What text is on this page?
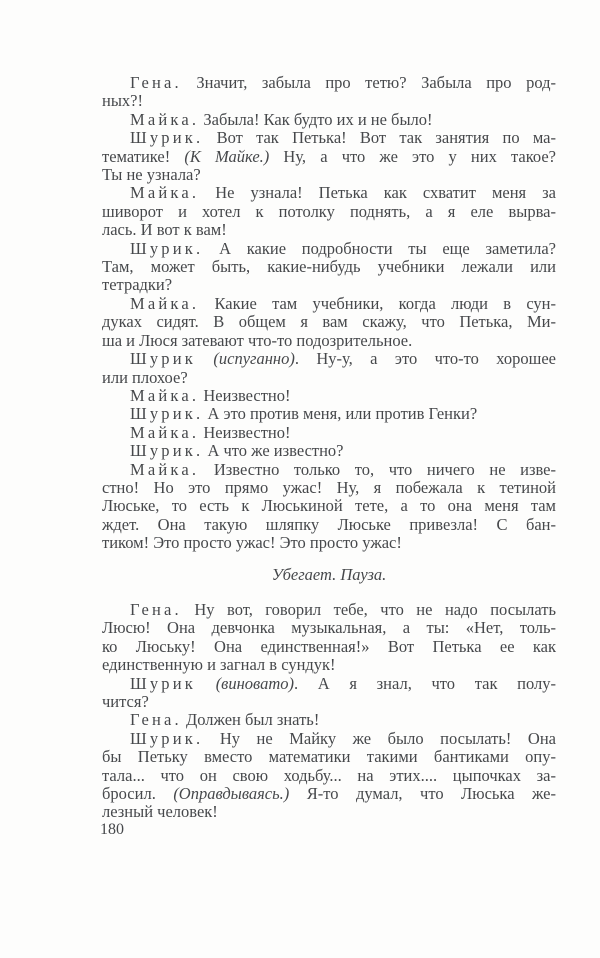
Гена. Значит, забыла про тетю? Забыла про род-
ных?!
Майка. Забыла! Как будто их и не было!
Шурик. Вот так Петька! Вот так занятия по ма-
тематике! (К Майке.) Ну, а что же это у них такое?
Ты не узнала?
Майка. Не узнала! Петька как схватит меня за
шиворот и хотел к потолку поднять, а я еле вырва-
лась. И вот к вам!
Шурик. А какие подробности ты еще заметила?
Там, может быть, какие-нибудь учебники лежали или
тетрадки?
Майка. Какие там учебники, когда люди в сун-
дуках сидят. В общем я вам скажу, что Петька, Ми-
ша и Люся затевают что-то подозрительное.
Шурик (испуганно). Ну-у, а это что-то хорошее
или плохое?
Майка. Неизвестно!
Шурик. А это против меня, или против Генки?
Майка. Неизвестно!
Шурик. А что же известно?
Майка. Известно только то, что ничего не изве-
стно! Но это прямо ужас! Ну, я побежала к тетиной
Люське, то есть к Люськиной тете, а то она меня там
ждет. Она такую шляпку Люське привезла! С бан-
тиком! Это просто ужас! Это просто ужас!
Убегает. Пауза.
Гена. Ну вот, говорил тебе, что не надо посылать
Люсю! Она девчонка музыкальная, а ты: «Нет, толь-
ко Люську! Она единственная!» Вот Петька ее как
единственную и загнал в сундук!
Шурик (виновато). А я знал, что так полу-
чится?
Гена. Должен был знать!
Шурик. Ну не Майку же было посылать! Она
бы Петьку вместо математики такими бантиками опу-
тала... что он свою ходьбу... на этих.... цыпочках за-
бросил. (Оправдываясь.) Я-то думал, что Люська же-
лезный человек!
180
